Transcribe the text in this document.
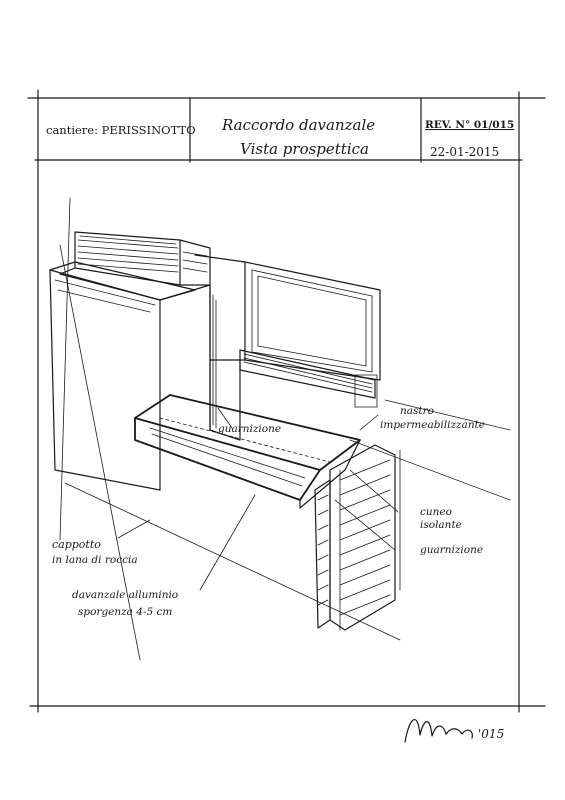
cantiere: PERISSINOTTO Raccordo davanzale
Vista prospettica
REV. N° 01/015
22-01-2015
guarnizione
nastro
impermeabilizzante
cuneo
isolante
guarnizione
cappotto
in lana di roccia
davanzale alluminio
sporgenza 4-5 cm
'015
